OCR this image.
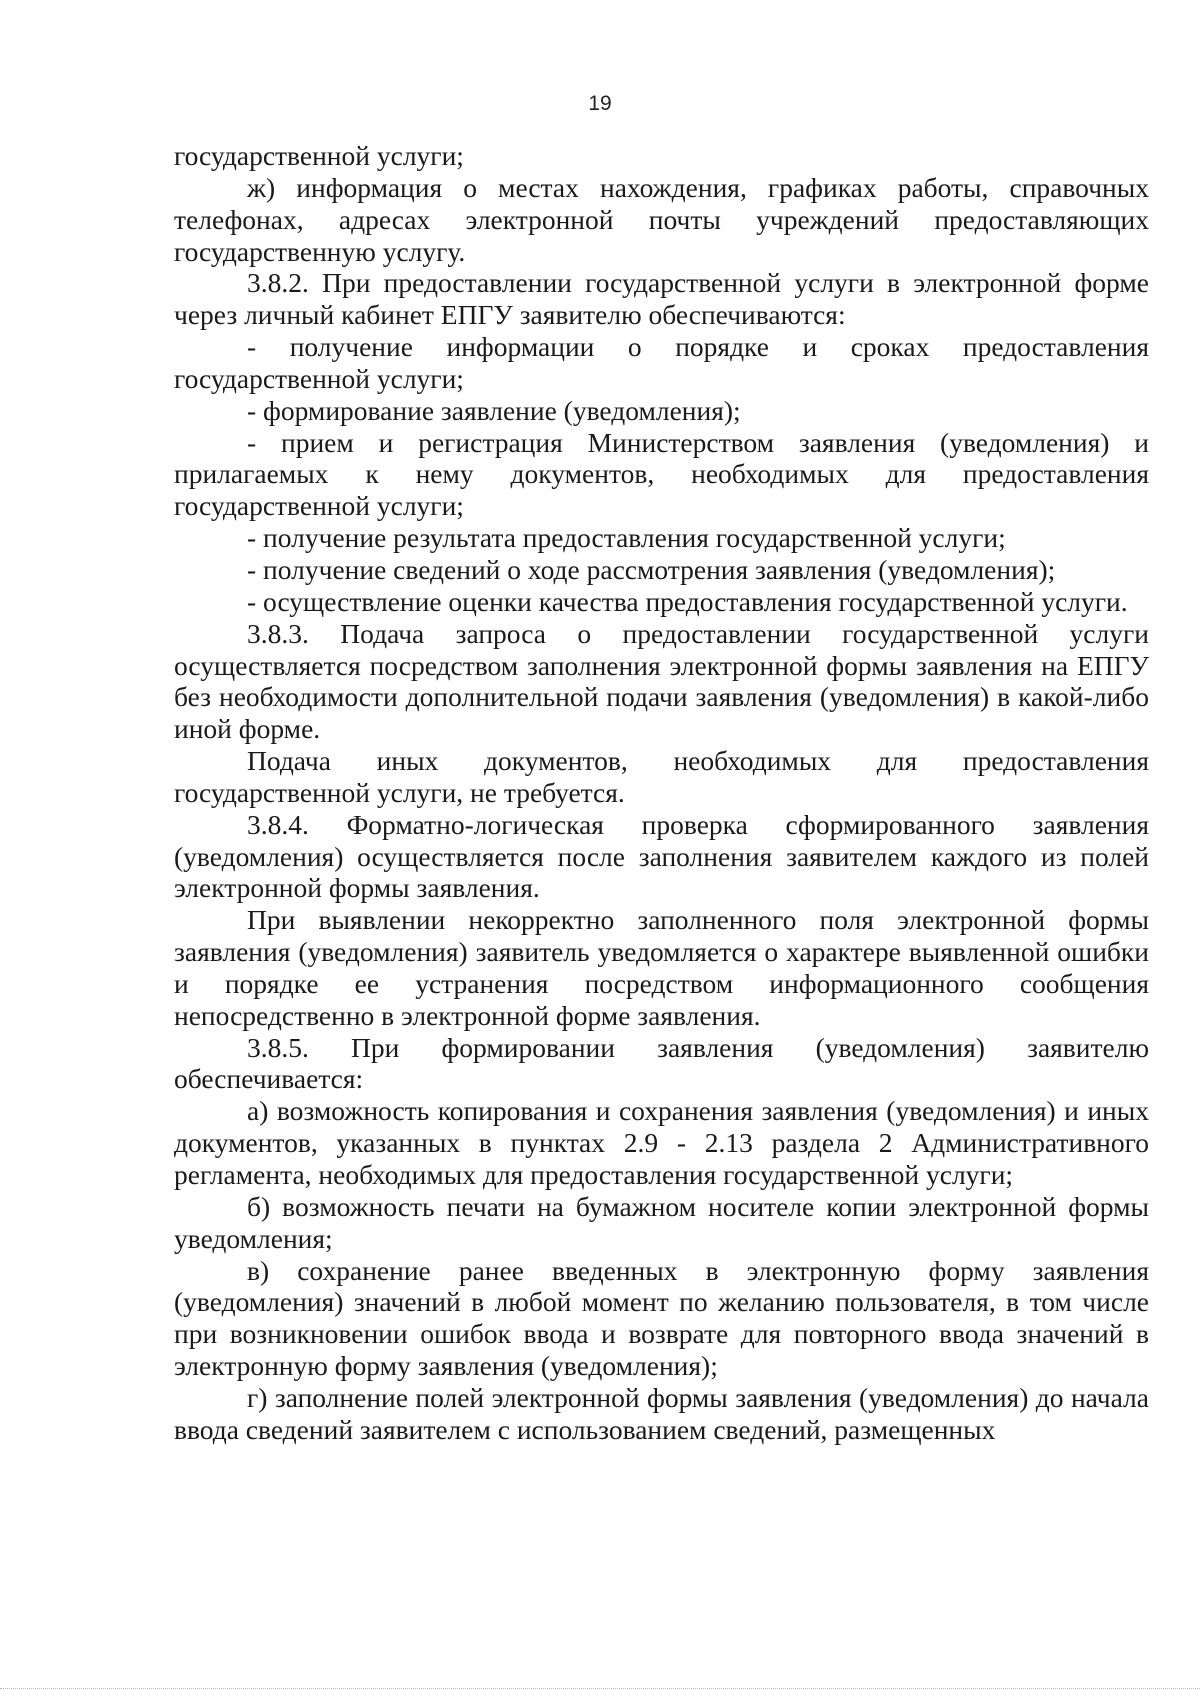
19

государственной услуги;

ж) информация о местах нахождения, графиках работы, справочных телефонах, адресах электронной почты учреждений предоставляющих государственную услугу.

3.8.2. При предоставлении государственной услуги в электронной форме через личный кабинет ЕПГУ заявителю обеспечиваются:

- получение информации о порядке и сроках предоставления государственной услуги;

- формирование заявление (уведомления);

- прием и регистрация Министерством заявления (уведомления) и прилагаемых к нему документов, необходимых для предоставления государственной услуги;

- получение результата предоставления государственной услуги;

- получение сведений о ходе рассмотрения заявления (уведомления);

- осуществление оценки качества предоставления государственной услуги.

3.8.3. Подача запроса о предоставлении государственной услуги осуществляется посредством заполнения электронной формы заявления на ЕПГУ без необходимости дополнительной подачи заявления (уведомления) в какой-либо иной форме.

Подача иных документов, необходимых для предоставления государственной услуги, не требуется.

3.8.4. Форматно-логическая проверка сформированного заявления (уведомления) осуществляется после заполнения заявителем каждого из полей электронной формы заявления.

При выявлении некорректно заполненного поля электронной формы заявления (уведомления) заявитель уведомляется о характере выявленной ошибки и порядке ее устранения посредством информационного сообщения непосредственно в электронной форме заявления.

3.8.5. При формировании заявления (уведомления) заявителю обеспечивается:

а) возможность копирования и сохранения заявления (уведомления) и иных документов, указанных в пунктах 2.9 - 2.13 раздела 2 Административного регламента, необходимых для предоставления государственной услуги;

б) возможность печати на бумажном носителе копии электронной формы уведомления;

в) сохранение ранее введенных в электронную форму заявления (уведомления) значений в любой момент по желанию пользователя, в том числе при возникновении ошибок ввода и возврате для повторного ввода значений в электронную форму заявления (уведомления);

г) заполнение полей электронной формы заявления (уведомления) до начала ввода сведений заявителем с использованием сведений, размещенных
